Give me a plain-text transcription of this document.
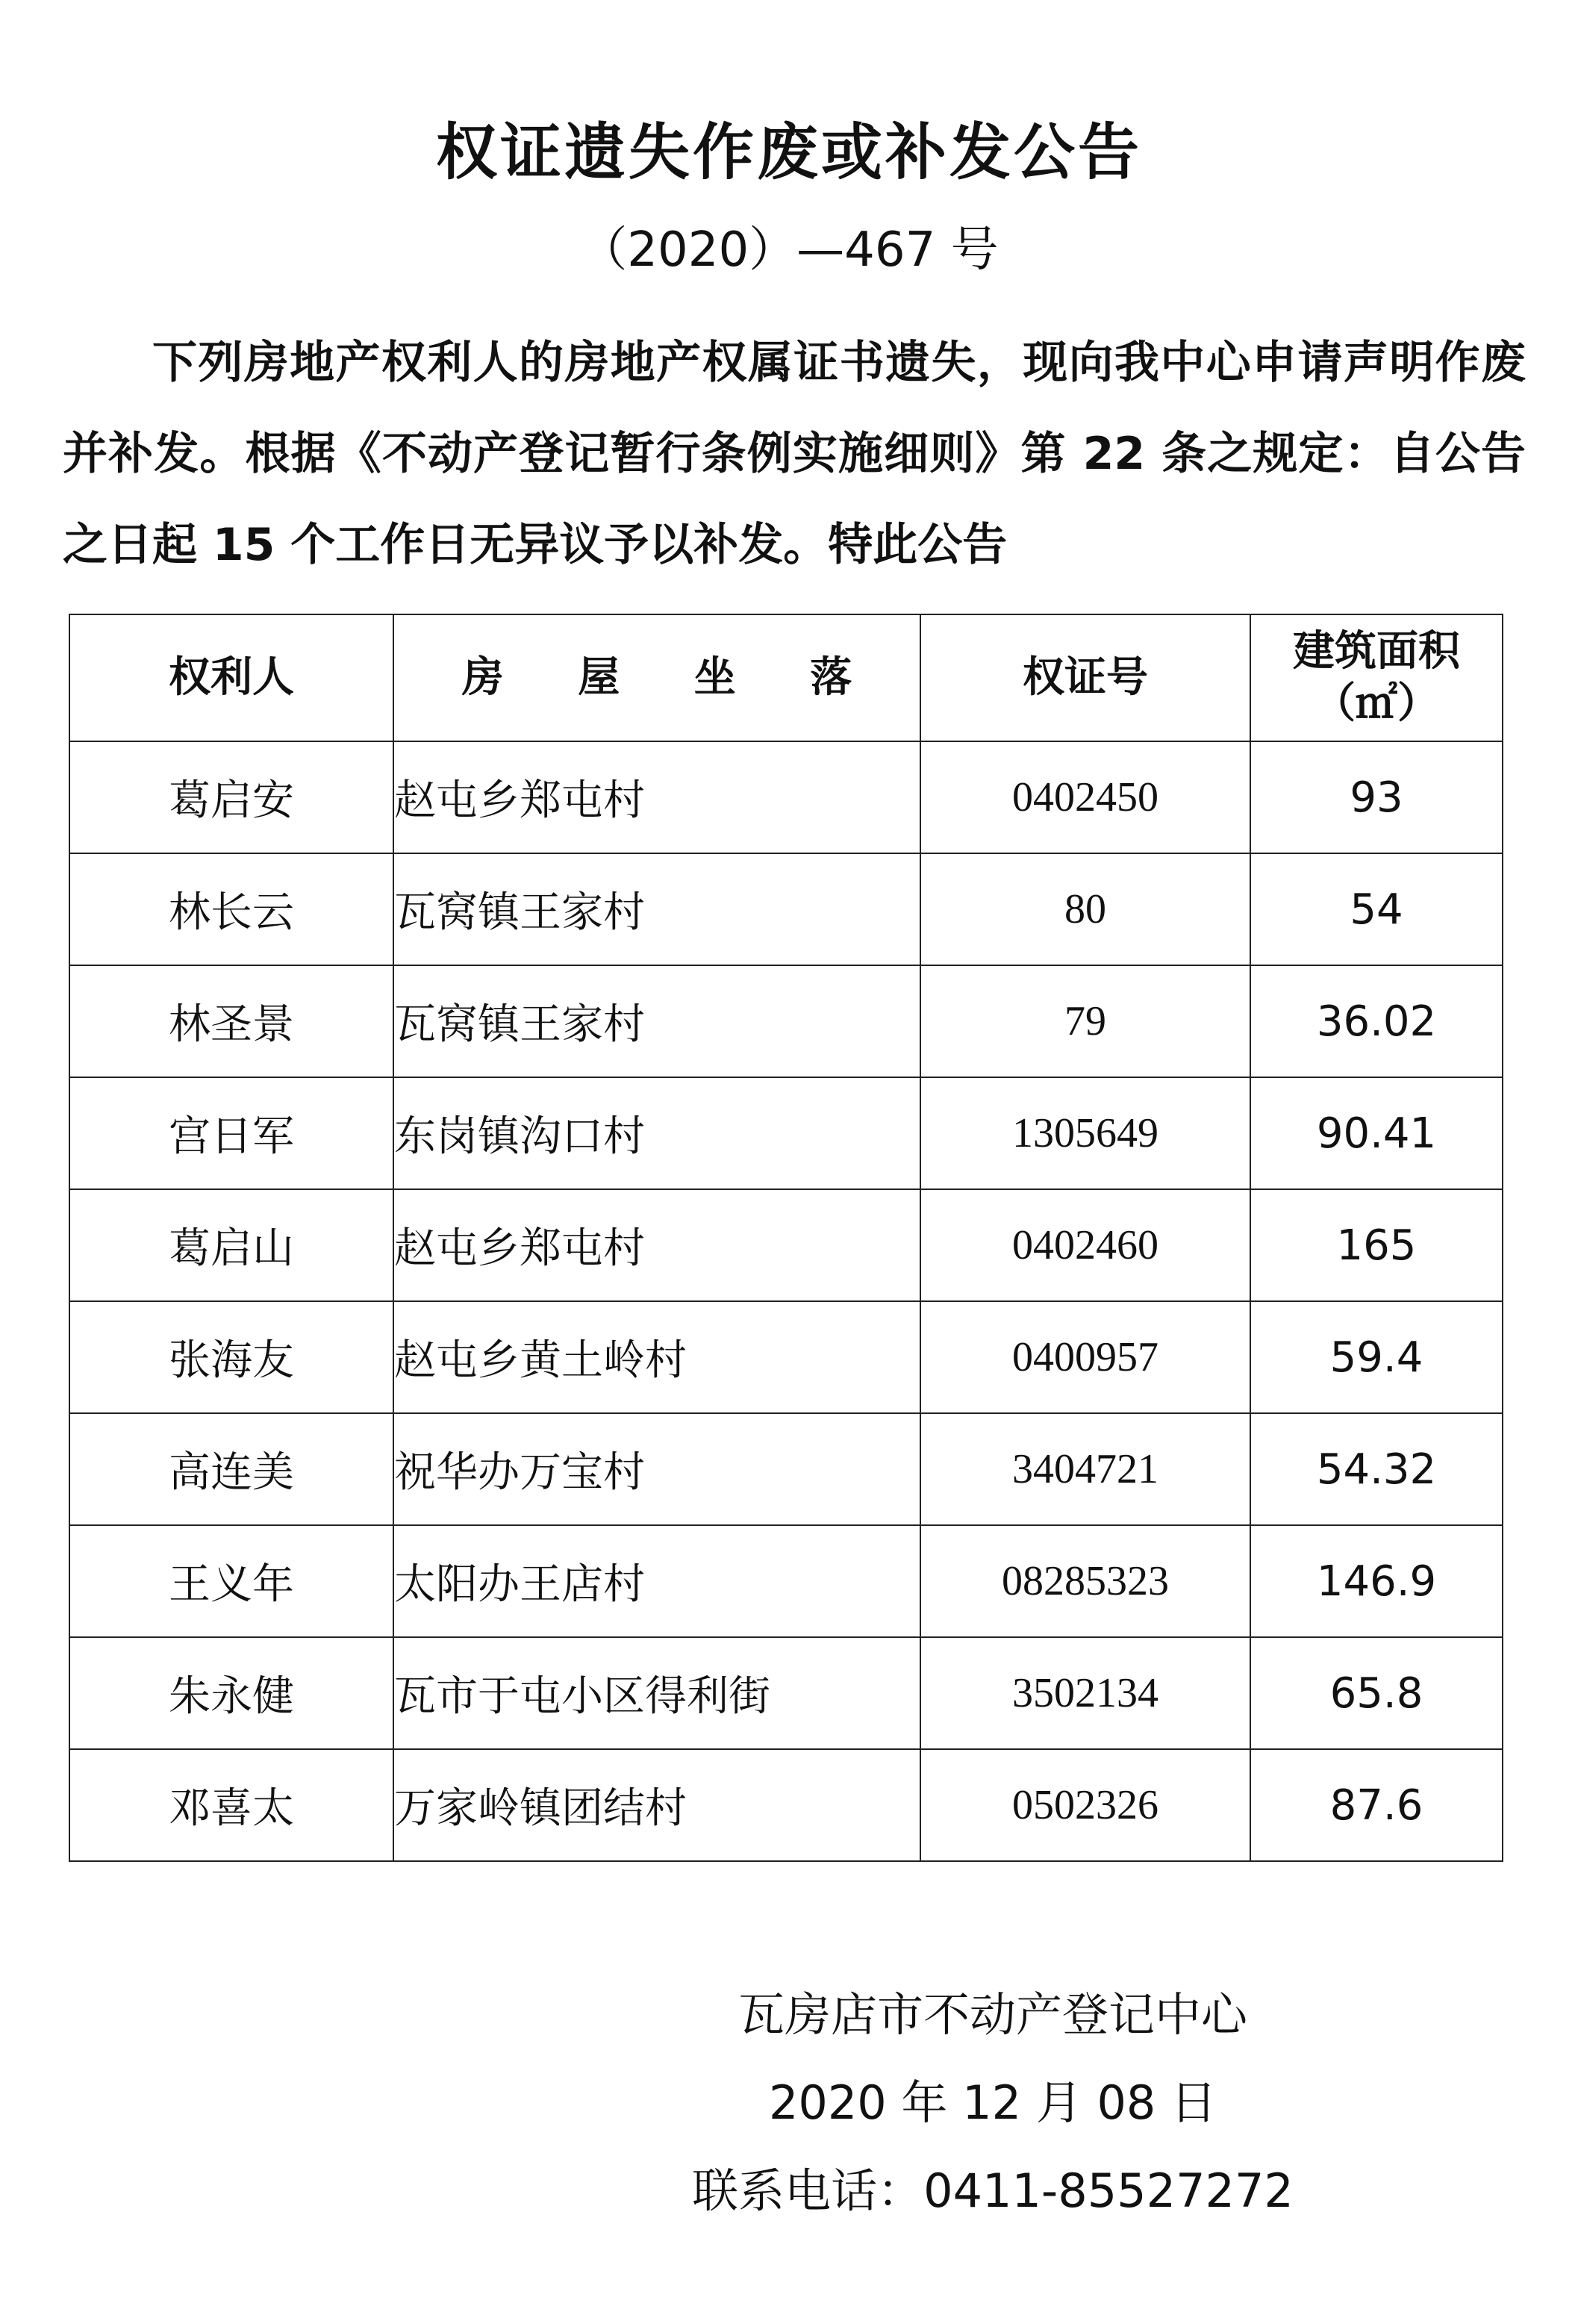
权证遗失作废或补发公告
（2020）—467 号

下列房地产权利人的房地产权属证书遗失，现向我中心申请声明作废并补发。根据《不动产登记暂行条例实施细则》第 22 条之规定：自公告之日起 15 个工作日无异议予以补发。特此公告

权利人	房 屋 坐 落	权证号	建筑面积
（㎡）

葛启安	赵屯乡郑屯村	0402450	93
林长云	瓦窝镇王家村	80	54
林圣景	瓦窝镇王家村	79	36.02
宫日军	东岗镇沟口村	1305649	90.41
葛启山	赵屯乡郑屯村	0402460	165
张海友	赵屯乡黄土岭村	0400957	59.4
高连美	祝华办万宝村	3404721	54.32
王义年	太阳办王店村	08285323	146.9
朱永健	瓦市于屯小区得利街	3502134	65.8
邓喜太	万家岭镇团结村	0502326	87.6
瓦房店市不动产登记中心
2020 年 12 月 08 日
联系电话：0411-85527272
